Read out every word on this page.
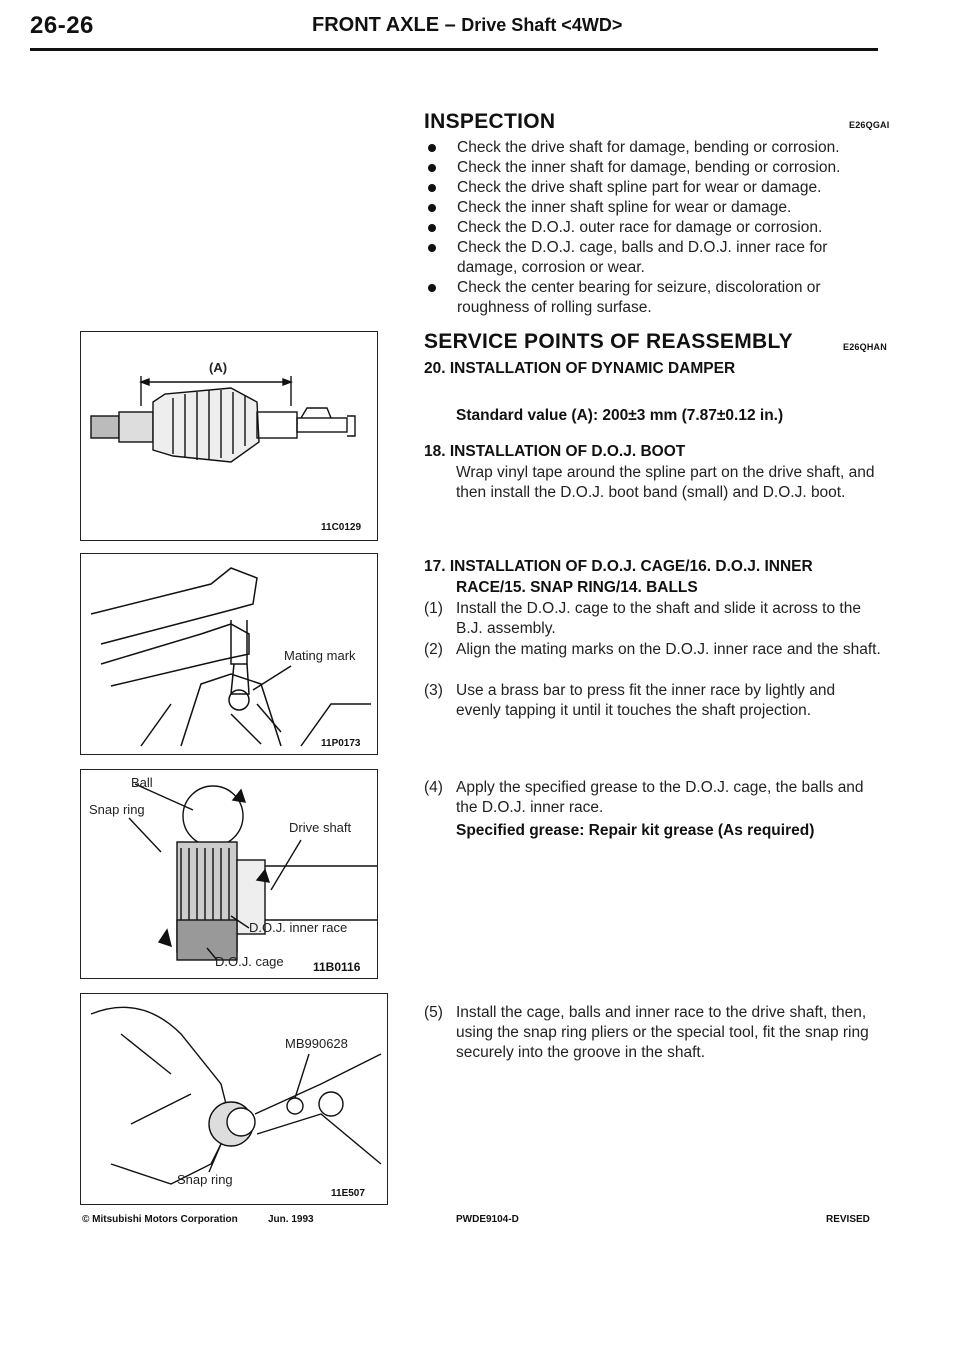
26-26	FRONT AXLE – Drive Shaft <4WD>
INSPECTION	E26QGAI
Check the drive shaft for damage, bending or corrosion.
Check the inner shaft for damage, bending or corrosion.
Check the drive shaft spline part for wear or damage.
Check the inner shaft spline for wear or damage.
Check the D.O.J. outer race for damage or corrosion.
Check the D.O.J. cage, balls and D.O.J. inner race for damage, corrosion or wear.
Check the center bearing for seizure, discoloration or roughness of rolling surfase.
SERVICE POINTS OF REASSEMBLY	E26QHAN
20. INSTALLATION OF DYNAMIC DAMPER
Standard value (A): 200±3 mm (7.87±0.12 in.)
18. INSTALLATION OF D.O.J. BOOT
Wrap vinyl tape around the spline part on the drive shaft, and then install the D.O.J. boot band (small) and D.O.J. boot.
17. INSTALLATION OF D.O.J. CAGE/16. D.O.J. INNER
RACE/15. SNAP RING/14. BALLS
(1) Install the D.O.J. cage to the shaft and slide it across to the B.J. assembly.
(2) Align the mating marks on the D.O.J. inner race and the shaft.
(3) Use a brass bar to press fit the inner race by lightly and evenly tapping it until it touches the shaft projection.
(4) Apply the specified grease to the D.O.J. cage, the balls and the D.O.J. inner race.
Specified grease: Repair kit grease (As required)
(5) Install the cage, balls and inner race to the drive shaft, then, using the snap ring pliers or the special tool, fit the snap ring securely into the groove in the shaft.
(A)
11C0129
Mating mark
11P0173
Ball
Snap ring
Drive shaft
D.O.J. inner race
D.O.J. cage 11B0116
MB990628
Snap ring
11E507
© Mitsubishi Motors Corporation	Jun. 1993	PWDE9104-D	REVISED
